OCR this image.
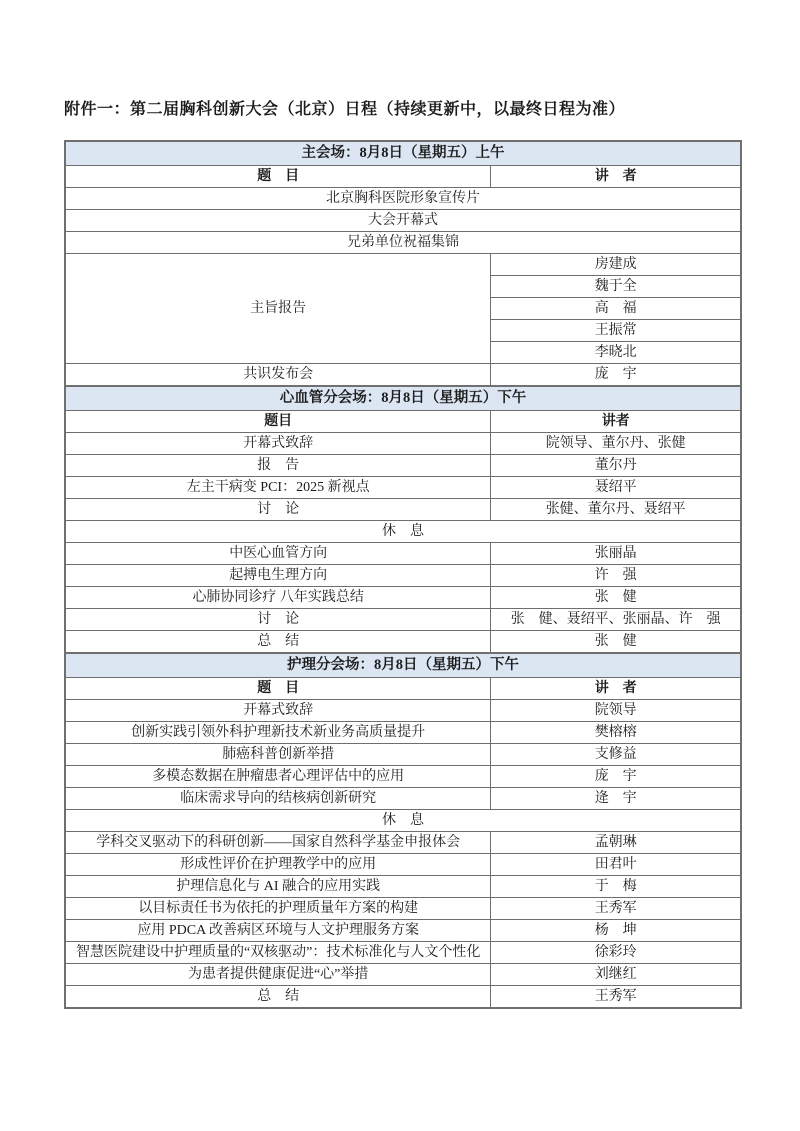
附件一：第二届胸科创新大会（北京）日程（持续更新中，以最终日程为准）
主会场：8月8日（星期五）上午	
题　目	讲　者
北京胸科医院形象宣传片	
大会开幕式	
兄弟单位祝福集锦	
主旨报告	房建成
	魏于全
	高　福
	王振常
	李晓北
共识发布会	庞　宇
心血管分会场：8月8日（星期五）下午	
题目	讲者
开幕式致辞	院领导、董尔丹、张健
报　告	董尔丹
左主干病变 PCI：2025 新视点	聂绍平
讨　论	张健、董尔丹、聂绍平
休　息	
中医心血管方向	张丽晶
起搏电生理方向	许　强
心肺协同诊疗 八年实践总结	张　健
讨　论	张　健、聂绍平、张丽晶、许　强
总　结	张　健
护理分会场：8月8日（星期五）下午	
题　目	讲　者
开幕式致辞	院领导
创新实践引领外科护理新技术新业务高质量提升	樊榕榕
肺癌科普创新举措	支修益
多模态数据在肿瘤患者心理评估中的应用	庞　宇
临床需求导向的结核病创新研究	逄　宇
休　息	
学科交叉驱动下的科研创新——国家自然科学基金申报体会	孟朝琳
形成性评价在护理教学中的应用	田君叶
护理信息化与 AI 融合的应用实践	于　梅
以目标责任书为依托的护理质量年方案的构建	王秀军
应用 PDCA 改善病区环境与人文护理服务方案	杨　坤
智慧医院建设中护理质量的“双核驱动”：技术标准化与人文个性化	徐彩玲
为患者提供健康促进“心”举措	刘继红
总　结	王秀军
